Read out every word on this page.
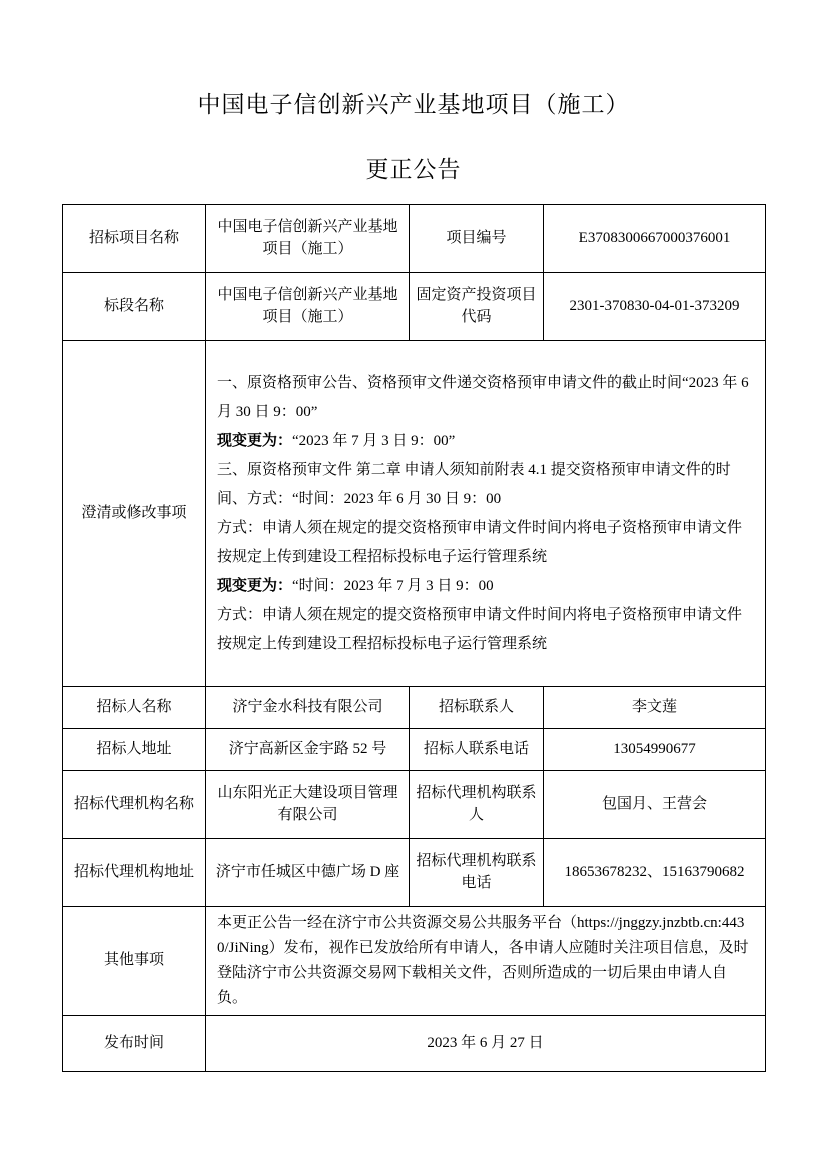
中国电子信创新兴产业基地项目（施工）
更正公告
招标项目名称	中国电子信创新兴产业基地项目（施工）	项目编号	E3708300667000376001
标段名称	中国电子信创新兴产业基地项目（施工）	固定资产投资项目代码	2301-370830-04-01-373209
澄清或修改事项	

一、原资格预审公告、资格预审文件递交资格预审申请文件的截止时间“2023 年 6 月 30 日 9：00”

现变更为：“2023 年 7 月 3 日 9：00”

三、原资格预审文件 第二章 申请人须知前附表 4.1 提交资格预审申请文件的时间、方式：“时间：2023 年 6 月 30 日 9：00

方式：申请人须在规定的提交资格预审申请文件时间内将电子资格预审申请文件按规定上传到建设工程招标投标电子运行管理系统

现变更为：“时间：2023 年 7 月 3 日 9：00

方式：申请人须在规定的提交资格预审申请文件时间内将电子资格预审申请文件按规定上传到建设工程招标投标电子运行管理系统

招标人名称	济宁金水科技有限公司	招标联系人	李文莲
招标人地址	济宁高新区金宇路 52 号	招标人联系电话	13054990677
招标代理机构名称	山东阳光正大建设项目管理有限公司	招标代理机构联系人	包国月、王营会
招标代理机构地址	济宁市任城区中德广场 D 座	招标代理机构联系电话	18653678232、15163790682
其他事项	本更正公告一经在济宁市公共资源交易公共服务平台（https://jnggzy.jnzbtb.cn:4430/JiNing）发布，视作已发放给所有申请人，各申请人应随时关注项目信息，及时登陆济宁市公共资源交易网下载相关文件，否则所造成的一切后果由申请人自负。		
发布时间	2023 年 6 月 27 日		
